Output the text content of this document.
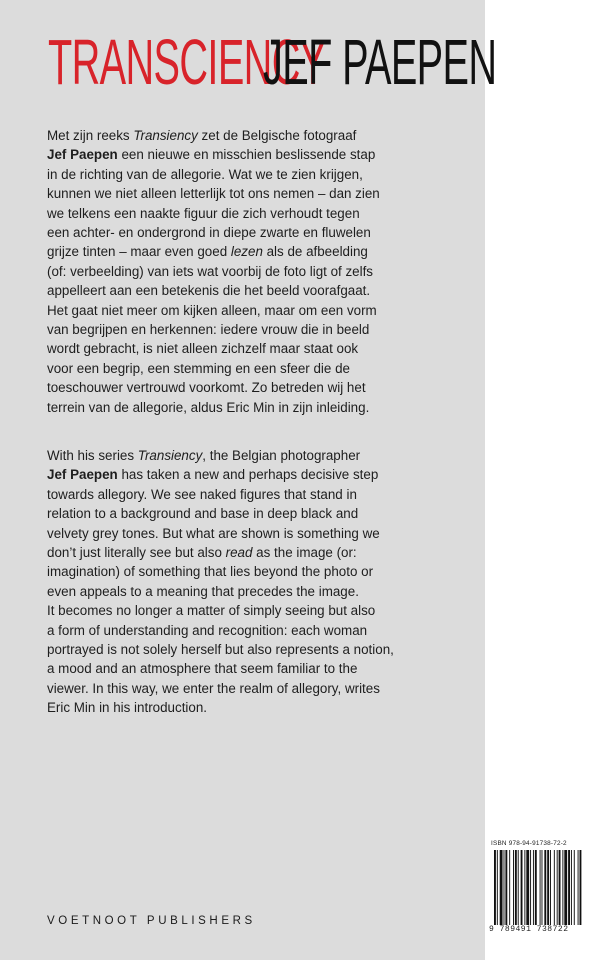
TRANSCIENCY
JEF PAEPEN
Met zijn reeks Transiency zet de Belgische fotograaf
Jef Paepen een nieuwe en misschien beslissende stap
in de richting van de allegorie. Wat we te zien krijgen,
kunnen we niet alleen letterlijk tot ons nemen – dan zien
we telkens een naakte figuur die zich verhoudt tegen
een achter- en ondergrond in diepe zwarte en fluwelen
grijze tinten – maar even goed lezen als de afbeelding
(of: verbeelding) van iets wat voorbij de foto ligt of zelfs
appelleert aan een betekenis die het beeld voorafgaat.
Het gaat niet meer om kijken alleen, maar om een vorm
van begrijpen en herkennen: iedere vrouw die in beeld
wordt gebracht, is niet alleen zichzelf maar staat ook
voor een begrip, een stemming en een sfeer die de
toeschouwer vertrouwd voorkomt. Zo betreden wij het
terrein van de allegorie, aldus Eric Min in zijn inleiding.
With his series Transiency, the Belgian photographer
Jef Paepen has taken a new and perhaps decisive step
towards allegory. We see naked figures that stand in
relation to a background and base in deep black and
velvety grey tones. But what are shown is something we
don’t just literally see but also read as the image (or:
imagination) of something that lies beyond the photo or
even appeals to a meaning that precedes the image.
It becomes no longer a matter of simply seeing but also
a form of understanding and recognition: each woman
portrayed is not solely herself but also represents a notion,
a mood and an atmosphere that seem familiar to the
viewer. In this way, we enter the realm of allegory, writes
Eric Min in his introduction.
VOETNOOT PUBLISHERS
ISBN 978-94-91738-72-2
9 789491 738722
